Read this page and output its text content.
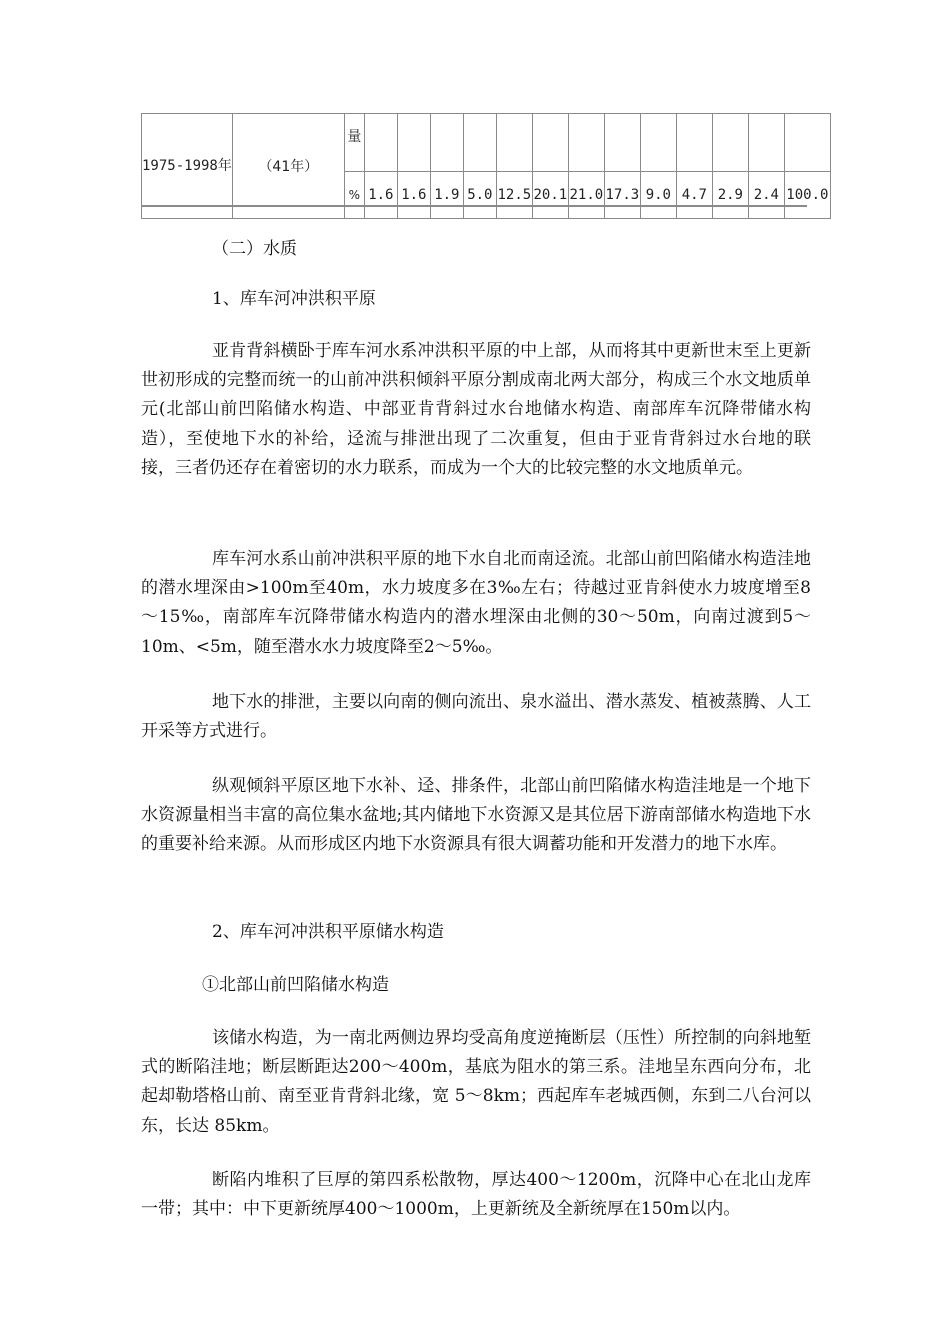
1975-1998年	（41年）	量													
		%	1.6	1.6	1.9	5.0	12.5	20.1	21.0	17.3	9.0	4.7	2.9	2.4	100.0
（二）水质
1、库车河冲洪积平原
亚肯背斜横卧于库车河水系冲洪积平原的中上部，从而将其中更新世末至上更新世初形成的完整而统一的山前冲洪积倾斜平原分割成南北两大部分，构成三个水文地质单元(北部山前凹陷储水构造、中部亚肯背斜过水台地储水构造、南部库车沉降带储水构造），至使地下水的补给，迳流与排泄出现了二次重复，但由于亚肯背斜过水台地的联接，三者仍还存在着密切的水力联系，而成为一个大的比较完整的水文地质单元。
库车河水系山前冲洪积平原的地下水自北而南迳流。北部山前凹陷储水构造洼地的潜水埋深由>100m至40m，水力坡度多在3‰左右；待越过亚肯斜使水力坡度增至8～15‰，南部库车沉降带储水构造内的潜水埋深由北侧的30～50m，向南过渡到5～10m、<5m，随至潜水水力坡度降至2～5‰。
地下水的排泄，主要以向南的侧向流出、泉水溢出、潜水蒸发、植被蒸腾、人工开采等方式进行。
纵观倾斜平原区地下水补、迳、排条件，北部山前凹陷储水构造洼地是一个地下水资源量相当丰富的高位集水盆地;其内储地下水资源又是其位居下游南部储水构造地下水的重要补给来源。从而形成区内地下水资源具有很大调蓄功能和开发潜力的地下水库。
2、库车河冲洪积平原储水构造
①北部山前凹陷储水构造
该储水构造，为一南北两侧边界均受高角度逆掩断层（压性）所控制的向斜地堑式的断陷洼地；断层断距达200～400m，基底为阻水的第三系。洼地呈东西向分布，北起却勒塔格山前、南至亚肯背斜北缘，宽 5～8km；西起库车老城西侧，东到二八台河以东，长达 85km。
断陷内堆积了巨厚的第四系松散物，厚达400～1200m，沉降中心在北山龙库一带；其中：中下更新统厚400～1000m，上更新统及全新统厚在150m以内。
